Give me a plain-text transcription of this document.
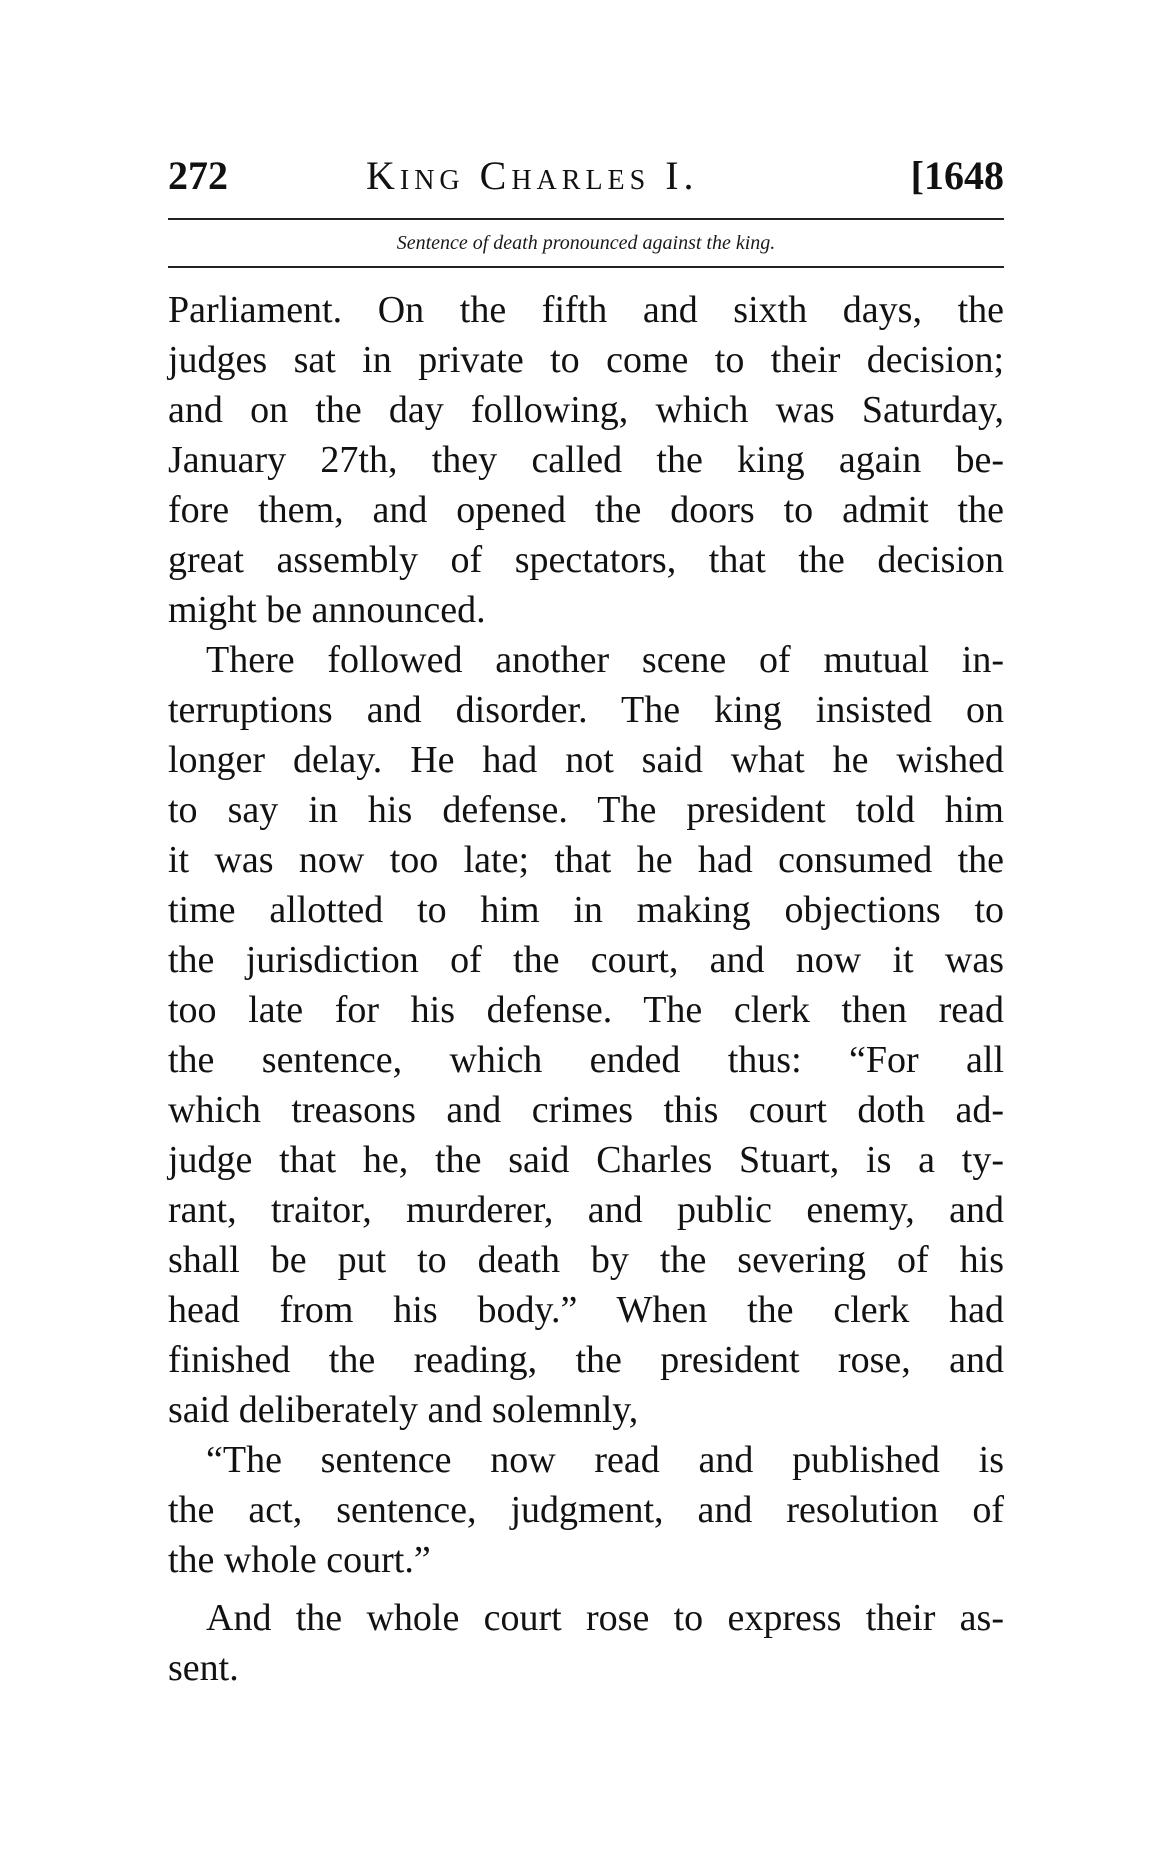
272	King Charles I.	[1648
Sentence of death pronounced against the king.
Parliament. On the fifth and sixth days, the
judges sat in private to come to their decision;
and on the day following, which was Saturday,
January 27th, they called the king again be-
fore them, and opened the doors to admit the
great assembly of spectators, that the decision
might be announced.
There followed another scene of mutual in-
terruptions and disorder. The king insisted on
longer delay. He had not said what he wished
to say in his defense. The president told him
it was now too late; that he had consumed the
time allotted to him in making objections to
the jurisdiction of the court, and now it was
too late for his defense. The clerk then read
the sentence, which ended thus: “For all
which treasons and crimes this court doth ad-
judge that he, the said Charles Stuart, is a ty-
rant, traitor, murderer, and public enemy, and
shall be put to death by the severing of his
head from his body.” When the clerk had
finished the reading, the president rose, and
said deliberately and solemnly,
“The sentence now read and published is
the act, sentence, judgment, and resolution of
the whole court.”
And the whole court rose to express their as-
sent.
